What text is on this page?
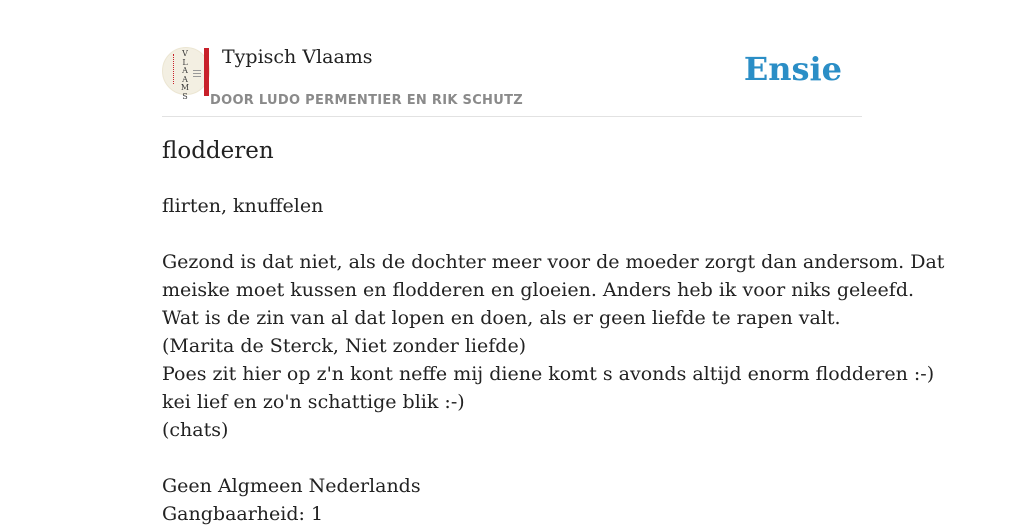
V
L
A
A
M
S
Typisch Vlaams
DOOR LUDO PERMENTIER EN RIK SCHUTZ
Ensie
flodderen
flirten, knuffelen
Gezond is dat niet, als de dochter meer voor de moeder zorgt dan andersom. Dat
meiske moet kussen en flodderen en gloeien. Anders heb ik voor niks geleefd.
Wat is de zin van al dat lopen en doen, als er geen liefde te rapen valt.
(Marita de Sterck, Niet zonder liefde)
Poes zit hier op z'n kont neffe mij diene komt s avonds altijd enorm flodderen :-)
kei lief en zo'n schattige blik :-)
(chats)
Geen Algmeen Nederlands
Gangbaarheid: 1
